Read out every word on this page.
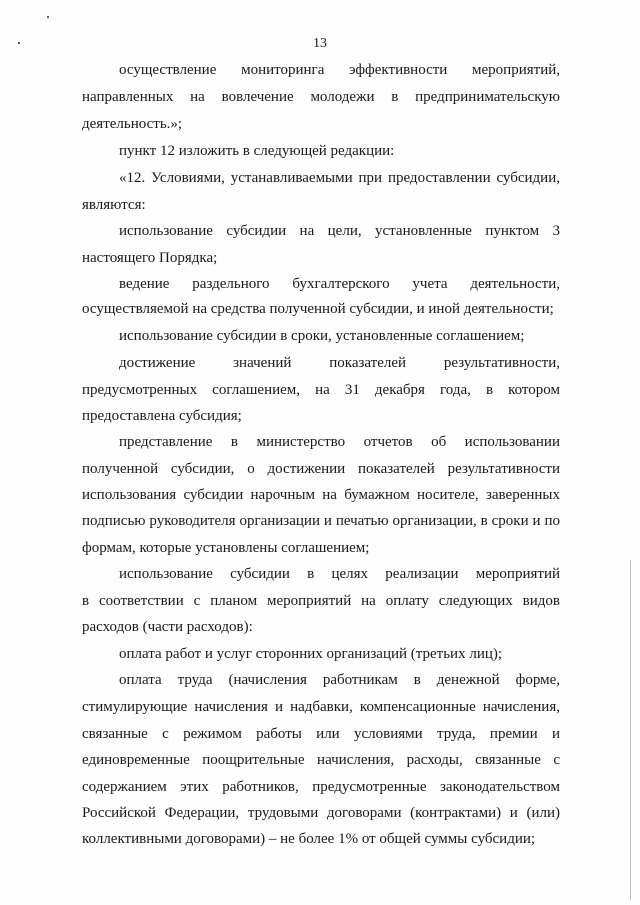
13
осуществление мониторинга эффективности мероприятий,
направленных на вовлечение молодежи в предпринимательскую
деятельность.»;
пункт 12 изложить в следующей редакции:
«12. Условиями, устанавливаемыми при предоставлении субсидии,
являются:
использование субсидии на цели, установленные пунктом 3
настоящего Порядка;
ведение раздельного бухгалтерского учета деятельности,
осуществляемой на средства полученной субсидии, и иной деятельности;
использование субсидии в сроки, установленные соглашением;
достижение значений показателей результативности,
предусмотренных соглашением, на 31 декабря года, в котором
предоставлена субсидия;
представление в министерство отчетов об использовании
полученной субсидии, о достижении показателей результативности
использования субсидии нарочным на бумажном носителе, заверенных
подписью руководителя организации и печатью организации, в сроки и по
формам, которые установлены соглашением;
использование субсидии в целях реализации мероприятий
в соответствии с планом мероприятий на оплату следующих видов
расходов (части расходов):
оплата работ и услуг сторонних организаций (третьих лиц);
оплата труда (начисления работникам в денежной форме,
стимулирующие начисления и надбавки, компенсационные начисления,
связанные с режимом работы или условиями труда, премии и
единовременные поощрительные начисления, расходы, связанные с
содержанием этих работников, предусмотренные законодательством
Российской Федерации, трудовыми договорами (контрактами) и (или)
коллективными договорами) – не более 1% от общей суммы субсидии;
